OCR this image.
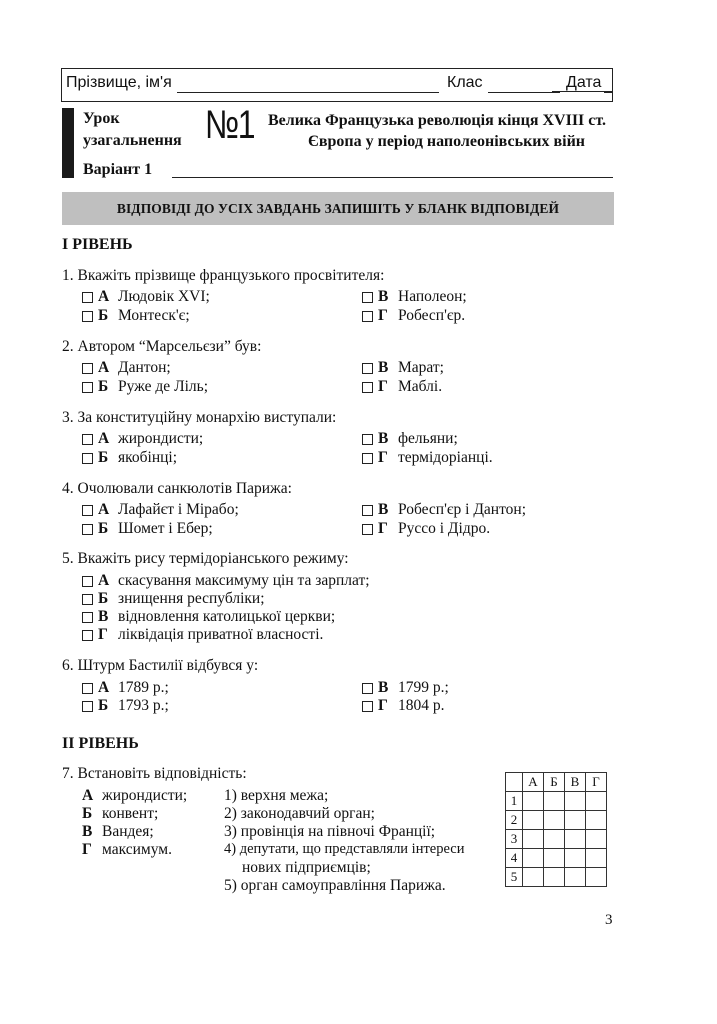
Прізвище, ім'я	Клас	Дата
Урок
узагальнення №1 Велика Французька революція кінця XVIII ст.
Європа у період наполеонівських війн
Варіант 1
ВІДПОВІДІ ДО УСІХ ЗАВДАНЬ ЗАПИШІТЬ У БЛАНК ВІДПОВІДЕЙ
I РІВЕНЬ
1. Вкажіть прізвище французького просвітителя:
А Людовік XVI;
Б Монтеск'є;
В Наполеон;
Г Робесп'єр.
2. Автором “Марсельєзи” був:
А Дантон;
Б Руже де Ліль;
В Марат;
Г Маблі.
3. За конституційну монархію виступали:
А жирондисти;
Б якобінці;
В фельяни;
Г термідоріанці.
4. Очолювали санкюлотів Парижа:
А Лафайєт і Мірабо;
Б Шомет і Ебер;
В Робесп'єр і Дантон;
Г Руссо і Дідро.
5. Вкажіть рису термідоріанського режиму:
А скасування максимуму цін та зарплат;
Б знищення республіки;
В відновлення католицької церкви;
Г ліквідація приватної власності.
6. Штурм Бастилії відбувся у:
А 1789 р.;
Б 1793 р.;
В 1799 р.;
Г 1804 р.
II РІВЕНЬ
7. Встановіть відповідність:
А жирондисти;
Б конвент;
В Вандея;
Г максимум.
1) верхня межа;
2) законодавчий орган;
3) провінція на півночі Франції;
4) депутати, що представляли інтереси
нових підприємців;
5) орган самоуправління Парижа.
	А	Б	В	Г
1				
2				
3				
4				
5				
3
